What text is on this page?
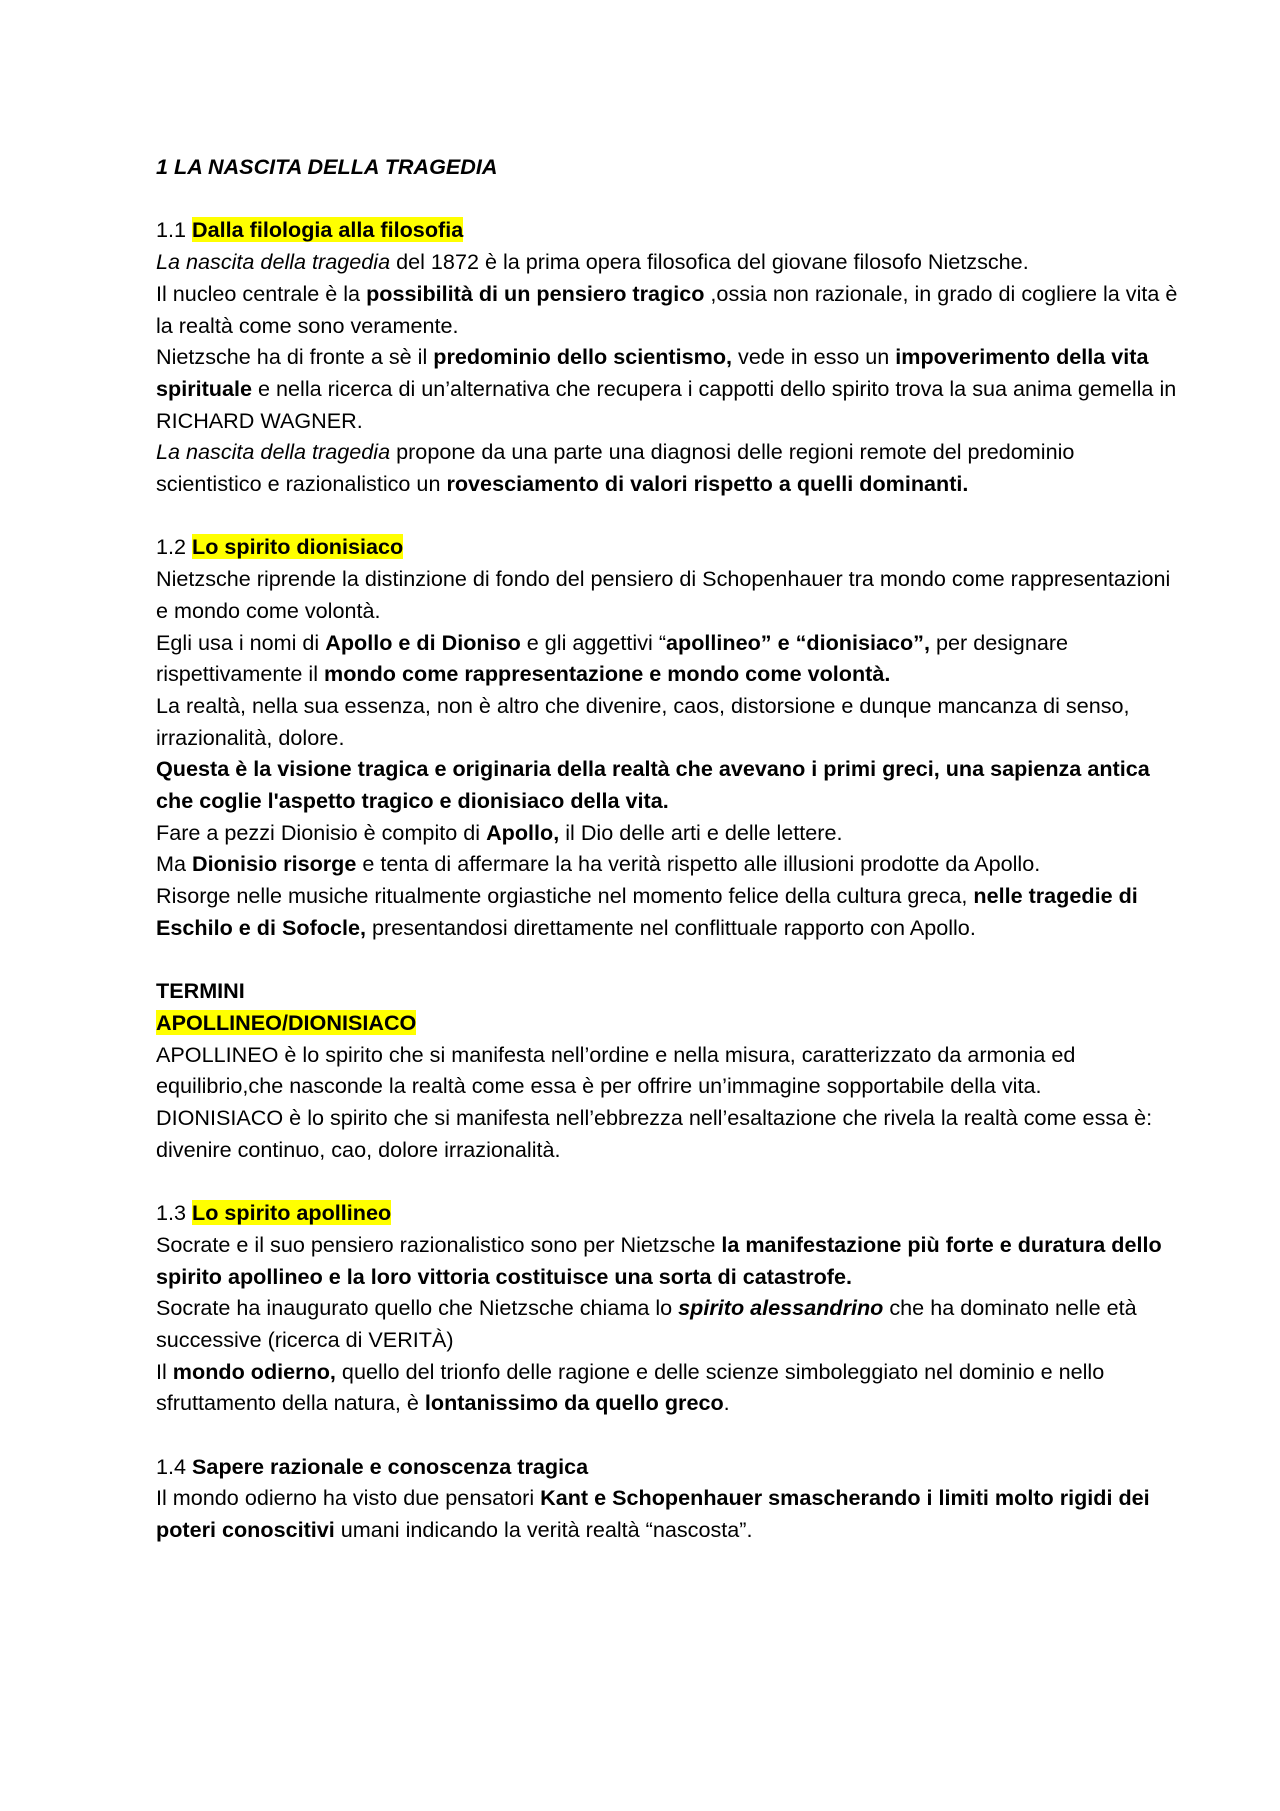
1 LA NASCITA DELLA TRAGEDIA

1.1 Dalla filologia alla filosofia

La nascita della tragedia del 1872 è la prima opera filosofica del giovane filosofo Nietzsche.

Il nucleo centrale è la possibilità di un pensiero tragico ,ossia non razionale, in grado di cogliere la vita è la realtà come sono veramente.

Nietzsche ha di fronte a sè il predominio dello scientismo, vede in esso un impoverimento della vita spirituale e nella ricerca di un’alternativa che recupera i cappotti dello spirito trova la sua anima gemella in RICHARD WAGNER.

La nascita della tragedia propone da una parte una diagnosi delle regioni remote del predominio scientistico e razionalistico un rovesciamento di valori rispetto a quelli dominanti.

1.2 Lo spirito dionisiaco

Nietzsche riprende la distinzione di fondo del pensiero di Schopenhauer tra mondo come rappresentazioni e mondo come volontà.

Egli usa i nomi di Apollo e di Dioniso e gli aggettivi “apollineo” e “dionisiaco”, per designare rispettivamente il mondo come rappresentazione e mondo come volontà.

La realtà, nella sua essenza, non è altro che divenire, caos, distorsione e dunque mancanza di senso, irrazionalità, dolore.

Questa è la visione tragica e originaria della realtà che avevano i primi greci, una sapienza antica che coglie l'aspetto tragico e dionisiaco della vita.

Fare a pezzi Dionisio è compito di Apollo, il Dio delle arti e delle lettere.

Ma Dionisio risorge e tenta di affermare la ha verità rispetto alle illusioni prodotte da Apollo.

Risorge nelle musiche ritualmente orgiastiche nel momento felice della cultura greca, nelle tragedie di Eschilo e di Sofocle, presentandosi direttamente nel conflittuale rapporto con Apollo.

TERMINI

APOLLINEO/DIONISIACO

APOLLINEO è lo spirito che si manifesta nell’ordine e nella misura, caratterizzato da armonia ed equilibrio,che nasconde la realtà come essa è per offrire un’immagine sopportabile della vita.

DIONISIACO è lo spirito che si manifesta nell’ebbrezza nell’esaltazione che rivela la realtà come essa è: divenire continuo, cao, dolore irrazionalità.

1.3 Lo spirito apollineo

Socrate e il suo pensiero razionalistico sono per Nietzsche la manifestazione più forte e duratura dello spirito apollineo e la loro vittoria costituisce una sorta di catastrofe.

Socrate ha inaugurato quello che Nietzsche chiama lo spirito alessandrino che ha dominato nelle età successive (ricerca di VERITÀ)

Il mondo odierno, quello del trionfo delle ragione e delle scienze simboleggiato nel dominio e nello sfruttamento della natura, è lontanissimo da quello greco.

1.4 Sapere razionale e conoscenza tragica

Il mondo odierno ha visto due pensatori Kant e Schopenhauer smascherando i limiti molto rigidi dei poteri conoscitivi umani indicando la verità realtà “nascosta”.
